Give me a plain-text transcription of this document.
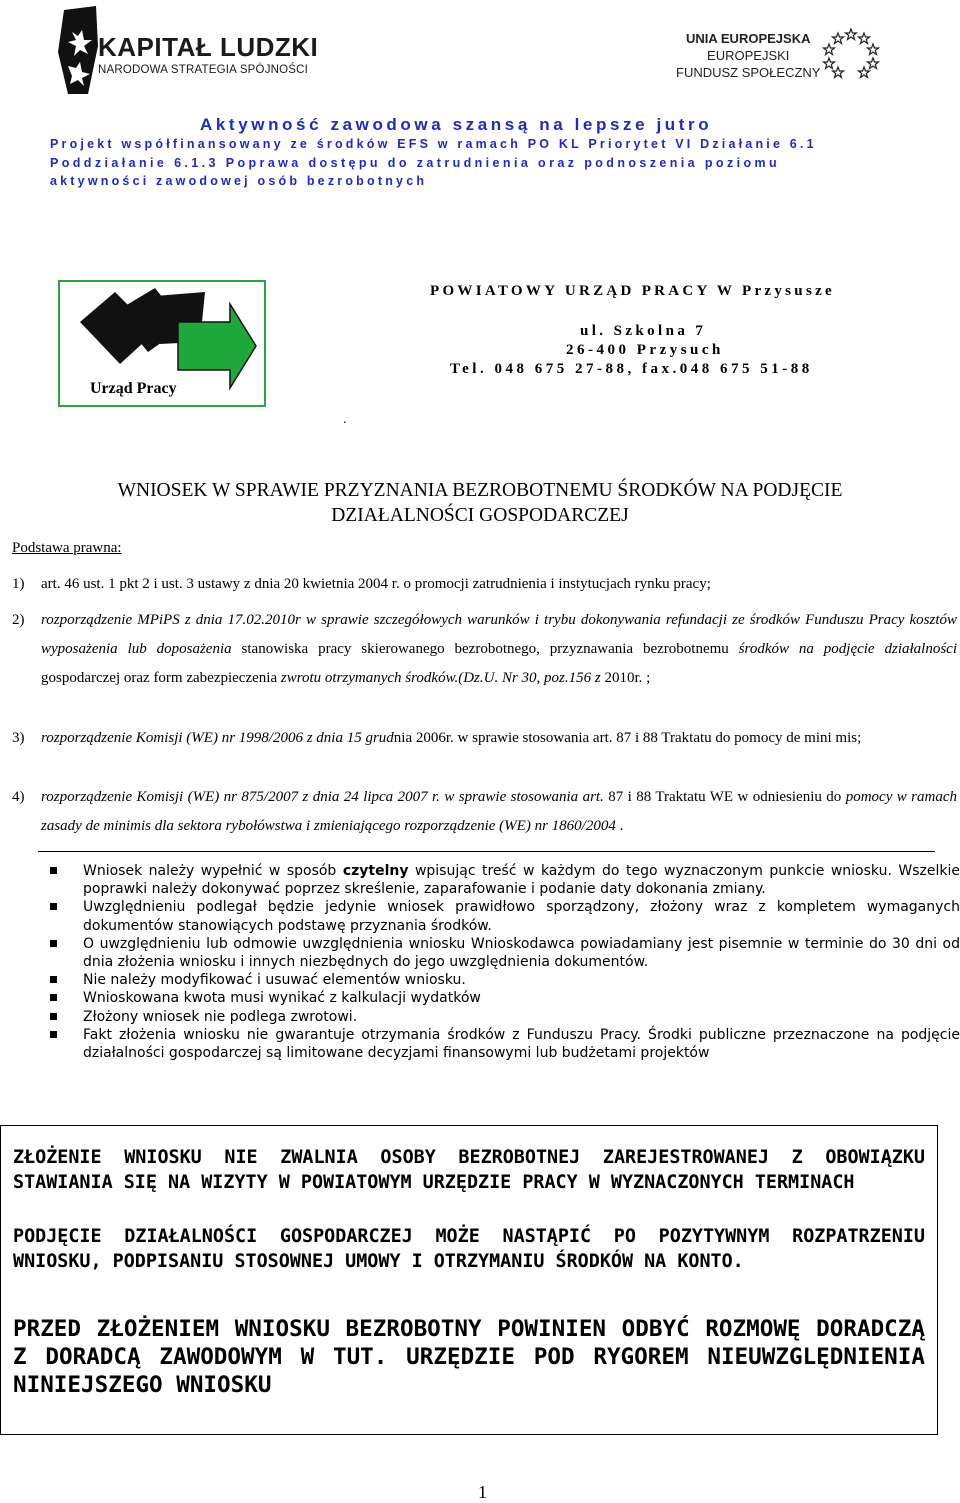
KAPITAŁ LUDZKI
NARODOWA STRATEGIA SPÓJNOŚCI
UNIA EUROPEJSKA
EUROPEJSKI
FUNDUSZ SPOŁECZNY
Aktywność zawodowa szansą na lepsze jutro
Projekt współfinansowany ze środków EFS w ramach PO KL Priorytet VI Działanie 6.1
Poddziałanie 6.1.3 Poprawa dostępu do zatrudnienia oraz podnoszenia poziomu
aktywności zawodowej osób bezrobotnych
Urząd Pracy
POWIATOWY URZĄD PRACY W Przysusze
ul. Szkolna 7
26-400 Przysuch
Tel. 048 675 27-88, fax.048 675 51-88
.
WNIOSEK W SPRAWIE PRZYZNANIA BEZROBOTNEMU ŚRODKÓW NA PODJĘCIE
DZIAŁALNOŚCI GOSPODARCZEJ
Podstawa prawna:
1) art. 46 ust. 1 pkt 2 i ust. 3 ustawy z dnia 20 kwietnia 2004 r. o promocji zatrudnienia i instytucjach rynku pracy;
2) rozporządzenie MPiPS z dnia 17.02.2010r w sprawie szczegółowych warunków i trybu dokonywania refundacji ze środków Funduszu Pracy kosztów wyposażenia lub doposażenia stanowiska pracy skierowanego bezrobotnego, przyznawania bezrobotnemu środków na podjęcie działalności gospodarczej oraz form zabezpieczenia zwrotu otrzymanych środków.(Dz.U. Nr 30, poz.156 z 2010r. ;
3) rozporządzenie Komisji (WE) nr 1998/2006 z dnia 15 grudnia 2006r. w sprawie stosowania art. 87 i 88 Traktatu do pomocy de mini mis;
4) rozporządzenie Komisji (WE) nr 875/2007 z dnia 24 lipca 2007 r. w sprawie stosowania art. 87 i 88 Traktatu WE w odniesieniu do pomocy w ramach zasady de minimis dla sektora rybołówstwa i zmieniającego rozporządzenie (WE) nr 1860/2004 .
Wniosek należy wypełnić w sposób czytelny wpisując treść w każdym do tego wyznaczonym punkcie wniosku. Wszelkie poprawki należy dokonywać poprzez skreślenie, zaparafowanie i podanie daty dokonania zmiany.
Uwzględnieniu podlegał będzie jedynie wniosek prawidłowo sporządzony, złożony wraz z kompletem wymaganych dokumentów stanowiących podstawę przyznania środków.
O uwzględnieniu lub odmowie uwzględnienia wniosku Wnioskodawca powiadamiany jest pisemnie w terminie do 30 dni od dnia złożenia wniosku i innych niezbędnych do jego uwzględnienia dokumentów.
Nie należy modyfikować i usuwać elementów wniosku.
Wnioskowana kwota musi wynikać z kalkulacji wydatków
Złożony wniosek nie podlega zwrotowi.
Fakt złożenia wniosku nie gwarantuje otrzymania środków z Funduszu Pracy. Środki publiczne przeznaczone na podjęcie działalności gospodarczej są limitowane decyzjami finansowymi lub budżetami projektów
ZŁOŻENIE WNIOSKU NIE ZWALNIA OSOBY BEZROBOTNEJ ZAREJESTROWANEJ Z OBOWIĄZKU STAWIANIA SIĘ NA WIZYTY W POWIATOWYM URZĘDZIE PRACY W WYZNACZONYCH TERMINACH
PODJĘCIE DZIAŁALNOŚCI GOSPODARCZEJ MOŻE NASTĄPIĆ PO POZYTYWNYM ROZPATRZENIU WNIOSKU, PODPISANIU STOSOWNEJ UMOWY I OTRZYMANIU ŚRODKÓW NA KONTO.
PRZED ZŁOŻENIEM WNIOSKU BEZROBOTNY POWINIEN ODBYĆ ROZMOWĘ DORADCZĄ Z DORADCĄ ZAWODOWYM W TUT. URZĘDZIE POD RYGOREM NIEUWZGLĘDNIENIA NINIEJSZEGO WNIOSKU
1
